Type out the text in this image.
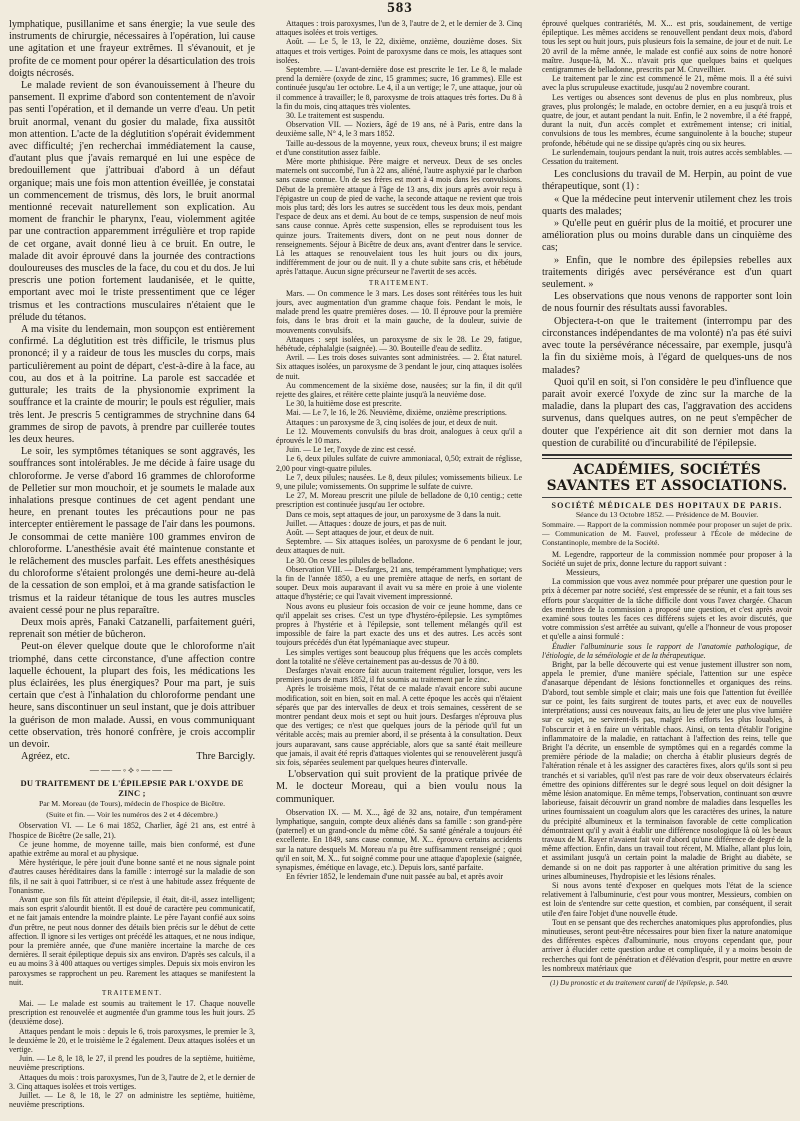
583

lymphatique, pusillanime et sans énergie; la vue seule des instruments de chirurgie, nécessaires à l'opération, lui cause une agitation et une frayeur extrêmes. Il s'évanouit, et je profite de ce moment pour opérer la désarticulation des trois doigts nécrosés.

Le malade revient de son évanouissement à l'heure du pansement. Il exprime d'abord son contentement de n'avoir pas senti l'opération, et il demande un verre d'eau. Un petit bruit anormal, venant du gosier du malade, fixa aussitôt mon attention. L'acte de la déglutition s'opérait évidemment avec difficulté; j'en recherchai immédiatement la cause, d'autant plus que j'avais remarqué en lui une espèce de bredouillement que j'attribuai d'abord à un défaut organique; mais une fois mon attention éveillée, je constatai un commencement de trismus, dès lors, le bruit anormal mentionné recevait naturellement son explication. Au moment de franchir le pharynx, l'eau, violemment agitée par une contraction apparemment irrégulière et trop rapide de cet organe, avait donné lieu à ce bruit. En outre, le malade dit avoir éprouvé dans la journée des contractions douloureuses des muscles de la face, du cou et du dos. Je lui prescris une potion fortement laudanisée, et le quitte, emportant avec moi le triste pressentiment que ce léger trismus et les contractions musculaires n'étaient que le prélude du tétanos.

A ma visite du lendemain, mon soupçon est entièrement confirmé. La déglutition est très difficile, le trismus plus prononcé; il y a raideur de tous les muscles du corps, mais particulièrement au point de départ, c'est-à-dire à la face, au cou, au dos et à la poitrine. La parole est saccadée et gutturale; les traits de la physionomie expriment la souffrance et la crainte de mourir; le pouls est régulier, mais très lent. Je prescris 5 centigrammes de strychnine dans 64 grammes de sirop de pavots, à prendre par cuillerée toutes les deux heures.

Le soir, les symptômes tétaniques se sont aggravés, les souffrances sont intolérables. Je me décide à faire usage du chloroforme. Je verse d'abord 16 grammes de chloroforme de Pelletier sur mon mouchoir, et je soumets le malade aux inhalations presque continues de cet agent pendant une heure, en prenant toutes les précautions pour ne pas intercepter entièrement le passage de l'air dans les poumons. Je consommai de cette manière 100 grammes environ de chloroforme. L'anesthésie avait été maintenue constante et le relâchement des muscles parfait. Les effets anesthésiques du chloroforme s'étaient prolongés une demi-heure au-delà de la cessation de son emploi, et à ma grande satisfaction le trismus et la raideur tétanique de tous les autres muscles avaient cessé pour ne plus reparaître.

Deux mois après, Fanaki Catzanelli, parfaitement guéri, reprenait son métier de bûcheron.

Peut-on élever quelque doute que le chloroforme n'ait triomphé, dans cette circonstance, d'une affection contre laquelle échouent, la plupart des fois, les médications les plus éclairées, les plus énergiques? Pour ma part, je suis certain que c'est à l'inhalation du chloroforme pendant une heure, sans discontinuer un seul instant, que je dois attribuer la guérison de mon malade. Aussi, en vous communiquant cette observation, très honoré confrère, je crois accomplir un devoir.

Agréez, etc.	Thre Barcigly.

―――◦⟡◦―――
DU TRAITEMENT DE L'ÉPILEPSIE PAR L'OXYDE DE ZINC ;
Par M. Moreau (de Tours), médecin de l'hospice de Bicêtre.
(Suite et fin. — Voir les numéros des 2 et 4 décembre.)

Observation VI. — Le 6 mai 1852, Charlier, âgé 21 ans, est entré à l'hospice de Bicêtre (2e salle, 21).

Ce jeune homme, de moyenne taille, mais bien conformé, est d'une apathie extrême au moral et au physique.

Mère hystérique, le père jouit d'une bonne santé et ne nous signale point d'autres causes héréditaires dans la famille : interrogé sur la maladie de son fils, il ne sait à quoi l'attribuer, si ce n'est à une habitude assez fréquente de l'onanisme.

Avant que son fils fût atteint d'épilepsie, il était, dit-il, assez intelligent; mais son esprit s'alourdit bientôt. Il est doué de caractère peu communicatif, et ne fait jamais entendre la moindre plainte. Le père l'ayant confié aux soins d'un prêtre, ne peut nous donner des détails bien précis sur le début de cette affection. Il ignore si les vertiges ont précédé les attaques, et ne nous indique, pour la première année, que d'une manière incertaine la marche de ces dernières. Il serait épileptique depuis six ans environ. D'après ses calculs, il a eu au moins 3 à 400 attaques ou vertiges simples. Depuis six mois environ les paroxysmes se rapprochent un peu. Rarement les attaques se manifestent la nuit.

TRAITEMENT.

Mai. — Le malade est soumis au traitement le 17. Chaque nouvelle prescription est renouvelée et augmentée d'un gramme tous les huit jours. 25 (deuxième dose).

Attaques pendant le mois : depuis le 6, trois paroxysmes, le premier le 3, le deuxième le 20, et le troisième le 2 également. Deux attaques isolées et un vertige.

Juin. — Le 8, le 18, le 27, il prend les poudres de la septième, huitième, neuvième prescriptions.

Attaques du mois : trois paroxysmes, l'un de 3, l'autre de 2, et le dernier de 3. Cinq attaques isolées et trois vertiges.

Juillet. — Le 8, le 18, le 27 on administre les septième, huitième, neuvième prescriptions.

Attaques : trois paroxysmes, l'un de 3, l'autre de 2, et le dernier de 3. Cinq attaques isolées et trois vertiges.

Août. — Le 5, le 13, le 22, dixième, onzième, douzième doses. Six attaques et trois vertiges. Point de paroxysme dans ce mois, les attaques sont isolées.

Septembre. — L'avant-dernière dose est prescrite le 1er. Le 8, le malade prend la dernière (oxyde de zinc, 15 grammes; sucre, 16 grammes). Elle est continuée jusqu'au 1er octobre. Le 4, il a un vertige; le 7, une attaque, jour où il commence à travailler; le 8, paroxysme de trois attaques très fortes. Du 8 à la fin du mois, cinq attaques très violentes.

30. Le traitement est suspendu.

Observation VII. — Noziers, âgé de 19 ans, né à Paris, entre dans la deuxième salle, N° 4, le 3 mars 1852.

Taille au-dessous de la moyenne, yeux roux, cheveux bruns; il est maigre et d'une constitution assez faible.

Mère morte phthisique. Père maigre et nerveux. Deux de ses oncles maternels ont succombé, l'un à 22 ans, aliéné, l'autre asphyxié par le charbon sans cause connue. Un de ses frères est mort à 4 mois dans les convulsions. Début de la première attaque à l'âge de 13 ans, dix jours après avoir reçu à l'épigastre un coup de pied de vache, la seconde attaque ne revient que trois mois plus tard; dès lors les autres se succèdent tous les deux mois, pendant l'espace de deux ans et demi. Au bout de ce temps, suspension de neuf mois sans cause connue. Après cette suspension, elles se reproduisent tous les quinze jours. Traitements divers, dont on ne peut nous donner de renseignements. Séjour à Bicêtre de deux ans, avant d'entrer dans le service. Là les attaques se renouvelaient tous les huit jours ou dix jours, indifféremment de jour ou de nuit. Il y a chute subite sans cris, et hébétude après l'attaque. Aucun signe précurseur ne l'avertit de ses accès.

TRAITEMENT.

Mars. — On commence le 3 mars. Les doses sont réitérées tous les huit jours, avec augmentation d'un gramme chaque fois. Pendant le mois, le malade prend les quatre premières doses. — 10. Il éprouve pour la première fois, dans le bras droit et la main gauche, de la douleur, suivie de mouvements convulsifs.

Attaques : sept isolées, un paroxysme de six le 28. Le 29, fatigue, hébétude, céphalalgie (saignée). — 30. Bouteille d'eau de sedlitz.

Avril. — Les trois doses suivantes sont administrées. — 2. État naturel. Six attaques isolées, un paroxysme de 3 pendant le jour, cinq attaques isolées de nuit.

Au commencement de la sixième dose, nausées; sur la fin, il dit qu'il rejette des glaires, et réitère cette plainte jusqu'à la neuvième dose.

Le 30, la huitième dose est prescrite.

Mai. — Le 7, le 16, le 26. Neuvième, dixième, onzième prescriptions.

Attaques : un paroxysme de 3, cinq isolées de jour, et deux de nuit.

Le 12. Mouvements convulsifs du bras droit, analogues à ceux qu'il a éprouvés le 10 mars.

Juin. — Le 1er, l'oxyde de zinc est cessé.

Le 6, deux pilules sulfate de cuivre ammoniacal, 0,50; extrait de réglisse, 2,00 pour vingt-quatre pilules.

Le 7, deux pilules; nausées. Le 8, deux pilules; vomissements bilieux. Le 9, une pilule; vomissements. On supprime le sulfate de cuivre.

Le 27, M. Moreau prescrit une pilule de belladone de 0,10 centig.; cette prescription est continuée jusqu'au 1er octobre.

Dans ce mois, sept attaques de jour, un paroxysme de 3 dans la nuit.

Juillet. — Attaques : douze de jours, et pas de nuit.

Août. — Sept attaques de jour, et deux de nuit.

Septembre. — Six attaques isolées, un paroxysme de 6 pendant le jour, deux attaques de nuit.

Le 30. On cesse les pilules de belladone.

Observation VIII. — Desfarges, 21 ans, tempéramment lymphatique; vers la fin de l'année 1850, a eu une première attaque de nerfs, en sortant de souper. Deux mois auparavant il avait vu sa mère en proie à une violente attaque d'hystérie; ce qui l'avait vivement impressionné.

Nous avons eu plusieur fois occasion de voir ce jeune homme, dans ce qu'il appelait ses crises. C'est un type d'hystéro-épilepsie. Les symptômes propres à l'hystérie et à l'épilepsie, sont tellement mélangés qu'il est impossible de faire la part exacte des uns et des autres. Les accès sont toujours précédés d'un état lypémaniaque avec stupeur.

Les simples vertiges sont beaucoup plus fréquens que les accès complets dont la totalité ne s'élève certainement pas au-dessus de 70 à 80.

Desfarges n'avait encore fait aucun traitement régulier, lorsque, vers les premiers jours de mars 1852, il fut soumis au traitement par le zinc.

Après le troisième mois, l'état de ce malade n'avait encore subi aucune modification, soit en bien, soit en mal. A cette époque les accès qui n'étaient séparés que par des intervalles de deux et trois semaines, cessèrent de se montrer pendant deux mois et sept ou huit jours. Desfarges n'éprouva plus que des vertiges; ce n'est que quelques jours de la période qu'il fut un véritable accès; mais au premier abord, il se présenta à la consultation. Deux jours auparavant, sans cause appréciable, alors que sa santé était meilleure que jamais, il avait été repris d'attaques violentes qui se renouvelèrent jusqu'à six fois, séparées seulement par quelques heures d'intervalle.

L'observation qui suit provient de la pratique privée de M. le docteur Moreau, qui a bien voulu nous la communiquer.

Observation IX. — M. X..., âgé de 32 ans, notaire, d'un tempérament lymphatique, sanguin, compte deux aliénés dans sa famille : son grand-père (paternel) et un grand-oncle du même côté. Sa santé générale a toujours été excellente. En 1849, sans cause connue, M. X... éprouva certains accidents sur la nature desquels M. Moreau n'a pu être suffisamment renseigné ; quoi qu'il en soit, M. X... fut soigné comme pour une attaque d'apoplexie (saignée, synapismes, émétique en lavage, etc.). Depuis lors, santé parfaite.

En février 1852, le lendemain d'une nuit passée au bal, et après avoir

éprouvé quelques contrariétés, M. X... est pris, soudainement, de vertige épileptique. Les mêmes accidens se renouvellent pendant deux mois, d'abord tous les sept ou huit jours, puis plusieurs fois la semaine, de jour et de nuit. Le 20 avril de la même année, le malade est confié aux soins de notre honoré maître. Jusque-là, M. X... n'avait pris que quelques bains et quelques centigrammes de belladonne, prescrits par M. Cruveilhier.

Le traitement par le zinc est commencé le 21, même mois. Il a été suivi avec la plus scrupuleuse exactitude, jusqu'au 2 novembre courant.

Les vertiges ou absences sont devenus de plus en plus nombreux, plus graves, plus prolongés; le malade, en octobre dernier, en a eu jusqu'à trois et quatre, de jour, et autant pendant la nuit. Enfin, le 2 novembre, il a été frappé, durant la nuit, d'un accès complet et extrêmement intense; cri initial, convulsions de tous les membres, écume sanguinolente à la bouche; stupeur profonde, hébétude qui ne se dissipe qu'après cinq ou six heures.

Le surlendemain, toujours pendant la nuit, trois autres accès semblables. — Cessation du traitement.

Les conclusions du travail de M. Herpin, au point de vue thérapeutique, sont (1) :

« Que la médecine peut intervenir utilement chez les trois quarts des malades;

» Qu'elle peut en guérir plus de la moitié, et procurer une amélioration plus ou moins durable dans un cinquième des cas;

» Enfin, que le nombre des épilepsies rebelles aux traitements dirigés avec persévérance est d'un quart seulement. »

Les observations que nous venons de rapporter sont loin de nous fournir des résultats aussi favorables.

Objectera-t-on que le traitement (interrompu par des circonstances indépendantes de ma volonté) n'a pas été suivi avec toute la persévérance nécessaire, par exemple, jusqu'à la fin du sixième mois, à l'égard de quelques-uns de nos malades?

Quoi qu'il en soit, si l'on considère le peu d'influence que parait avoir exercé l'oxyde de zinc sur la marche de la maladie, dans la plupart des cas, l'aggravation des accidens survenus, dans quelques autres, on ne peut s'empêcher de douter que l'expérience ait dit son dernier mot dans la question de curabilité ou d'incurabilité de l'épilepsie.

ACADÉMIES, SOCIÉTÉS SAVANTES ET ASSOCIATIONS.
SOCIÉTÉ MÉDICALE DES HOPITAUX DE PARIS.
Séance du 13 Octobre 1852. — Présidence de M. Bouvier.
Sommaire. — Rapport de la commission nommée pour proposer un sujet de prix. — Communication de M. Fauvel, professeur à l'École de médecine de Constantinople, membre de la Société.

M. Legendre, rapporteur de la commission nommée pour proposer à la Société un sujet de prix, donne lecture du rapport suivant :

Messieurs,

La commission que vous avez nommée pour préparer une question pour le prix à décerner par notre société, s'est empressée de se réunir, et a fait tous ses efforts pour s'acquitter de la tâche difficile dont vous l'avez chargée. Chacun des membres de la commission a proposé une question, et c'est après avoir examiné sous toutes les faces ces différens sujets et les avoir discutés, que votre commission s'est arrêtée au suivant, qu'elle a l'honneur de vous proposer et qu'elle a ainsi formulé :

Étudier l'albuminurie sous le rapport de l'anatomie pathologique, de l'étiologie, de la séméiologie et de la thérapeutique.

Bright, par la belle découverte qui est venue justement illustrer son nom, appela le premier, d'une manière spéciale, l'attention sur une espèce d'anasarque dépendant de lésions fonctionnelles et organiques des reins. D'abord, tout semble simple et clair; mais une fois que l'attention fut éveillée sur ce point, les faits surgirent de toutes parts, et avec eux de nouvelles interprétations; aussi ces nouveaux faits, au lieu de jeter une plus vive lumière sur ce sujet, ne servirent-ils pas, malgré les efforts les plus louables, à l'obscurcir et à en faire un véritable chaos. Ainsi, on tenta d'établir l'origine inflammatoire de la maladie, en rattachant à l'affection des reins, telle que Bright l'a décrite, un ensemble de symptômes qui en a regardés comme la première période de la maladie; on chercha à établir plusieurs degrés de l'altération rénale et à les assigner des caractères fixes, alors qu'ils sont si peu tranchés et si variables, qu'il n'est pas rare de voir deux observateurs éclairés émettre des opinions différentes sur le degré sous lequel on doit désigner la même lésion anatomique. En même temps, l'observation, continuant son œuvre laborieuse, faisait découvrir un grand nombre de maladies dans lesquelles les urines fournissaient un coagulum alors que les caractères des urines, la nature du précipité albumineux et la terminaison favorable de cette complication démontraient qu'il y avait à établir une différence nosologique là où les beaux travaux de M. Rayer n'avaient fait voir d'abord qu'une différence de degré de la même affection. Enfin, dans un travail tout récent, M. Mialhe, allant plus loin, et assimilant jusqu'à un certain point la maladie de Bright au diabète, se demande si on ne doit pas rapporter à une altération primitive du sang les urines albumineuses, l'hydropisie et les lésions rénales.

Si nous avons tenté d'exposer en quelques mots l'état de la science relativement à l'albuminurie, c'est pour vous montrer, Messieurs, combien on est loin de s'entendre sur cette question, et combien, par conséquent, il serait utile d'en faire l'objet d'une nouvelle étude.

Tout en se pensant que des recherches anatomiques plus approfondies, plus minutieuses, seront peut-être nécessaires pour bien fixer la nature anatomique des différentes espèces d'albuminurie, nous croyons cependant que, pour arriver à élucider cette question ardue et compliquée, il y a moins besoin de recherches qui font de pénétration et d'élévation d'esprit, pour mettre en œuvre les nombreux matériaux que

(1) Du pronostic et du traitement curatif de l'épilepsie, p. 540.
